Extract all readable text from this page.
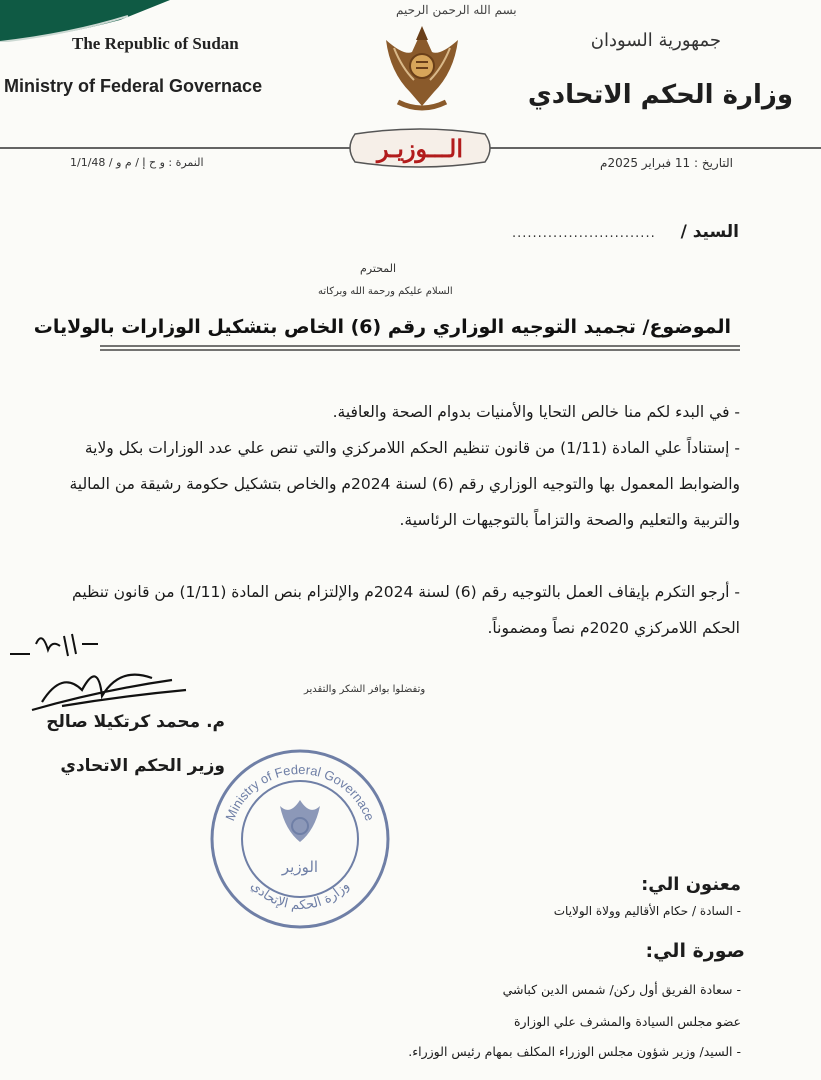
بسم الله الرحمن الرحيم
The Republic of Sudan
Ministry of Federal Governace
جمهورية السودان
وزارة الحكم الاتحادي
الـــوزيـر
النمرة : و ح إ / م و / 1/1/48	التاريخ : 11 فبراير 2025م
السيد /
............................
المحترم
السلام عليكم ورحمة الله وبركاته
الموضوع/ تجميد التوجيه الوزاري رقم (6) الخاص بتشكيل الوزارات بالولايات
- في البدء لكم منا خالص التحايا والأمنيات بدوام الصحة والعافية.
- إستناداً علي المادة (1/11) من قانون تنظيم الحكم اللامركزي والتي تنص علي عدد الوزارات بكل ولاية والضوابط المعمول بها والتوجيه الوزاري رقم (6) لسنة 2024م والخاص بتشكيل حكومة رشيقة من المالية والتربية والتعليم والصحة والتزاماً بالتوجيهات الرئاسية.
- أرجو التكرم بإيقاف العمل بالتوجيه رقم (6) لسنة 2024م والإلتزام بنص المادة (1/11) من قانون تنظيم الحكم اللامركزي 2020م نصاً ومضموناً.
وتفضلوا بوافر الشكر والتقدير
م. محمد كرتكيلا صالح
وزير الحكم الاتحادي
Ministry of Federal Governace
وزارة الحكم الإتحادي
الوزير
معنون الي:
- السادة / حكام الأقاليم وولاة الولايات
صورة الي:
- سعادة الفريق أول ركن/ شمس الدين كباشي
عضو مجلس السيادة والمشرف علي الوزارة
- السيد/ وزير شؤون مجلس الوزراء المكلف بمهام رئيس الوزراء.
